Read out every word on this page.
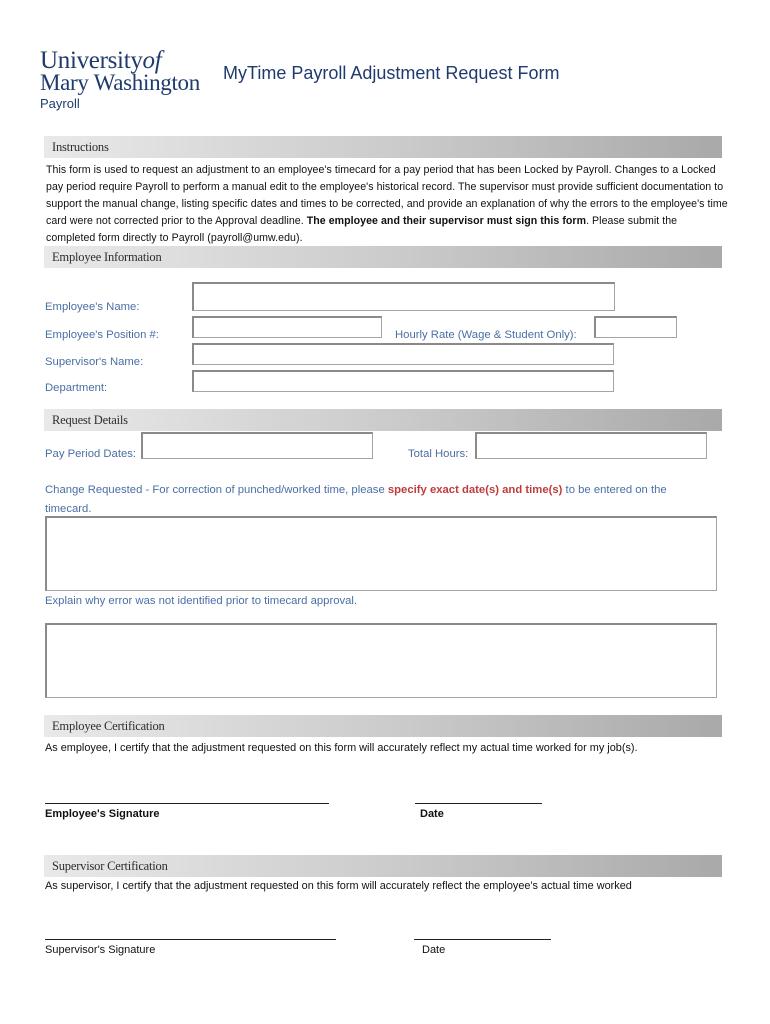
Universityof
Mary Washington
Payroll
MyTime Payroll Adjustment Request Form
Instructions
This form is used to request an adjustment to an employee's timecard for a pay period that has been Locked by Payroll. Changes to a Locked pay period require Payroll to perform a manual edit to the employee's historical record. The supervisor must provide sufficient documentation to support the manual change, listing specific dates and times to be corrected, and provide an explanation of why the errors to the employee's time card were not corrected prior to the Approval deadline. The employee and their supervisor must sign this form. Please submit the completed form directly to Payroll (payroll@umw.edu).
Employee Information
Employee's Name:
Employee's Position #:	Hourly Rate (Wage & Student Only):
Supervisor's Name:
Department:
Request Details
Pay Period Dates:	Total Hours:
Change Requested - For correction of punched/worked time, please specify exact date(s) and time(s) to be entered on the timecard.
Explain why error was not identified prior to timecard approval.
Employee Certification
As employee, I certify that the adjustment requested on this form will accurately reflect my actual time worked for my job(s).
Employee's Signature	Date
Supervisor Certification
As supervisor, I certify that the adjustment requested on this form will accurately reflect the employee's actual time worked
Supervisor's Signature	Date
